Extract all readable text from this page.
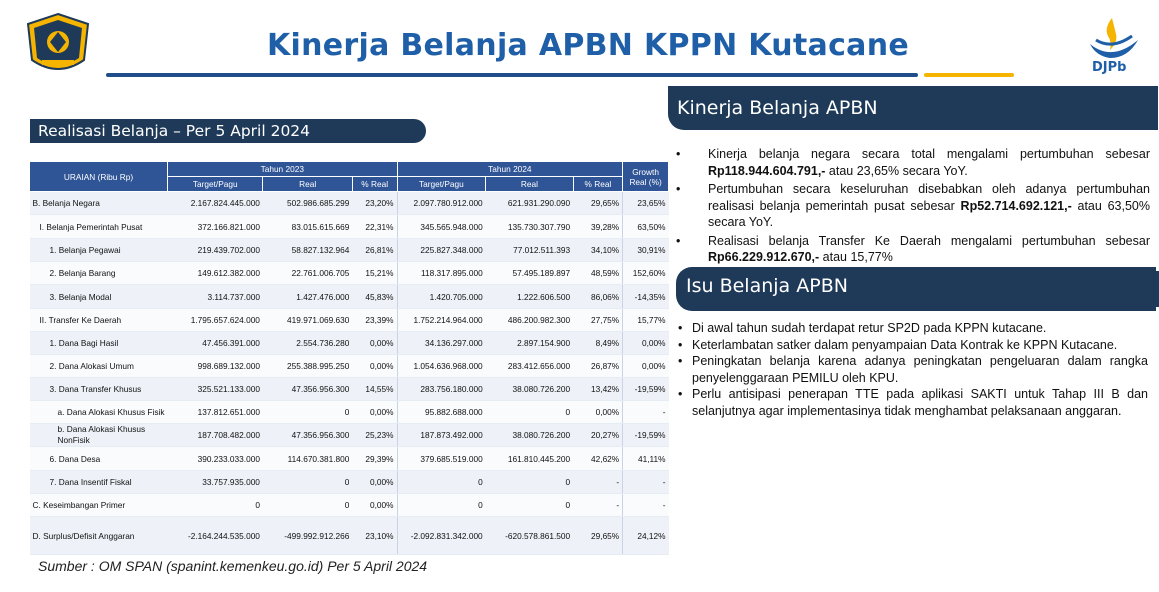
Kinerja Belanja APBN KPPN Kutacane
DJPb
Realisasi Belanja – Per 5 April 2024
URAIAN (Ribu Rp)	Tahun 2023			Tahun 2024			Growth Real (%)
	Target/Pagu	Real	% Real	Target/Pagu	Real	% Real	
B. Belanja Negara	2.167.824.445.000	502.986.685.299	23,20%	2.097.780.912.000	621.931.290.090	29,65%	23,65%
I. Belanja Pemerintah Pusat	372.166.821.000	83.015.615.669	22,31%	345.565.948.000	135.730.307.790	39,28%	63,50%
1. Belanja Pegawai	219.439.702.000	58.827.132.964	26,81%	225.827.348.000	77.012.511.393	34,10%	30,91%
2. Belanja Barang	149.612.382.000	22.761.006.705	15,21%	118.317.895.000	57.495.189.897	48,59%	152,60%
3. Belanja Modal	3.114.737.000	1.427.476.000	45,83%	1.420.705.000	1.222.606.500	86,06%	-14,35%
II. Transfer Ke Daerah	1.795.657.624.000	419.971.069.630	23,39%	1.752.214.964.000	486.200.982.300	27,75%	15,77%
1. Dana Bagi Hasil	47.456.391.000	2.554.736.280	0,00%	34.136.297.000	2.897.154.900	8,49%	0,00%
2. Dana Alokasi Umum	998.689.132.000	255.388.995.250	0,00%	1.054.636.968.000	283.412.656.000	26,87%	0,00%
3. Dana Transfer Khusus	325.521.133.000	47.356.956.300	14,55%	283.756.180.000	38.080.726.200	13,42%	-19,59%
a. Dana Alokasi Khusus Fisik	137.812.651.000	0	0,00%	95.882.688.000	0	0,00%	-
b. Dana Alokasi Khusus NonFisik	187.708.482.000	47.356.956.300	25,23%	187.873.492.000	38.080.726.200	20,27%	-19,59%
6. Dana Desa	390.233.033.000	114.670.381.800	29,39%	379.685.519.000	161.810.445.200	42,62%	41,11%
7. Dana Insentif Fiskal	33.757.935.000	0	0,00%	0	0	-	-
C. Keseimbangan Primer	0	0	0,00%	0	0	-	-
D. Surplus/Defisit Anggaran	-2.164.244.535.000	-499.992.912.266	23,10%	-2.092.831.342.000	-620.578.861.500	29,65%	24,12%
Sumber : OM SPAN (spanint.kemenkeu.go.id) Per 5 April 2024
Kinerja Belanja APBN
• Kinerja belanja negara secara total mengalami pertumbuhan sebesar Rp118.944.604.791,- atau 23,65% secara YoY.
• Pertumbuhan secara keseluruhan disebabkan oleh adanya pertumbuhan realisasi belanja pemerintah pusat sebesar Rp52.714.692.121,- atau 63,50% secara YoY.
• Realisasi belanja Transfer Ke Daerah mengalami pertumbuhan sebesar Rp66.229.912.670,- atau 15,77%
Isu Belanja APBN
• Di awal tahun sudah terdapat retur SP2D pada KPPN kutacane.
• Keterlambatan satker dalam penyampaian Data Kontrak ke KPPN Kutacane.
• Peningkatan belanja karena adanya peningkatan pengeluaran dalam rangka penyelenggaraan PEMILU oleh KPU.
• Perlu antisipasi penerapan TTE pada aplikasi SAKTI untuk Tahap III B dan selanjutnya agar implementasinya tidak menghambat pelaksanaan anggaran.
